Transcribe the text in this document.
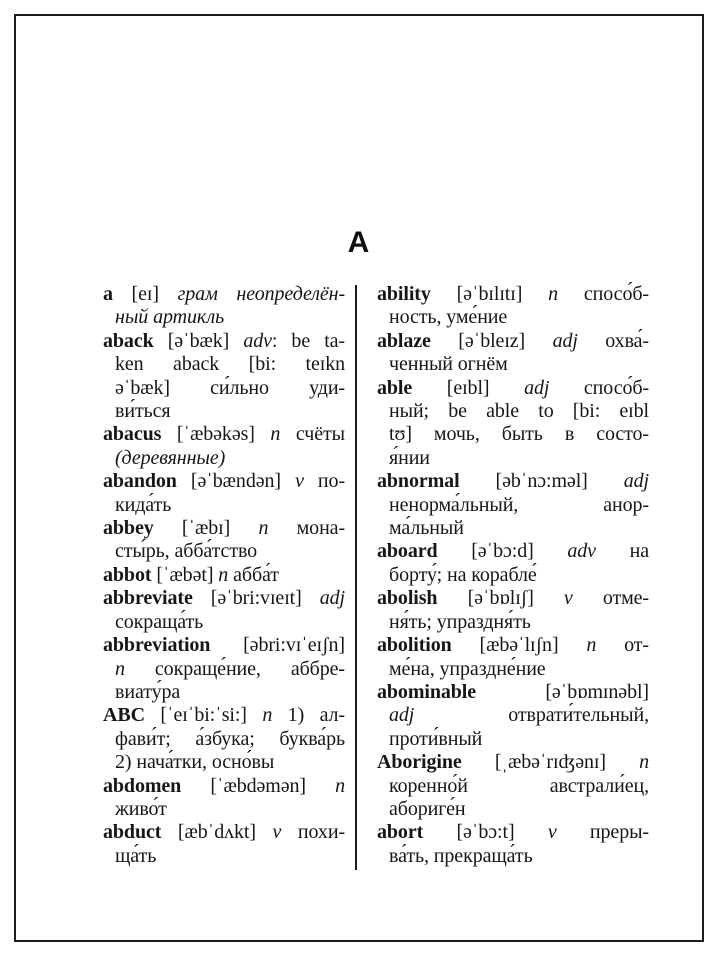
A
a [eɪ] грам неопределён-
ный артикль
aback [əˈbæk] adv: be ta-
ken aback [bi: teɪkn
əˈbæk] си́льно уди-
ви́ться
abacus [ˈæbəkəs] n счёты
(деревянные)
abandon [əˈbændən] v по-
кида́ть
abbey [ˈæbɪ] n мона-
сты́рь, абба́тство
abbot [ˈæbət] n абба́т
abbreviate [əˈbri:vɪeɪt] adj
сокраща́ть
abbreviation [əbri:vɪˈeɪʃn]
n сокраще́ние, аббре-
виату́ра
ABC [ˈeɪˈbi:ˈsi:] n 1) ал-
фави́т; а́збука; буква́рь
2) нача́тки, осно́вы
abdomen [ˈæbdəmən] n
живо́т
abduct [æbˈdʌkt] v похи-
ща́ть
ability [əˈbɪlɪtɪ] n спосо́б-
ность, уме́ние
ablaze [əˈbleɪz] adj охва́-
ченный огнём
able [eɪbl] adj спосо́б-
ный; be able to [bi: eɪbl
tʊ] мочь, быть в состо-
я́нии
abnormal [əbˈnɔ:məl] adj
ненорма́льный, анор-
ма́льный
aboard [əˈbɔ:d] adv на
борту́; на корабле́
abolish [əˈbɒlɪʃ] v отме-
ня́ть; упраздня́ть
abolition [æbəˈlɪʃn] n от-
ме́на, упраздне́ние
abominable [əˈbɒmɪnəbl]
adj отврати́тельный,
проти́вный
Aborigine [ˌæbəˈrɪʤənɪ] n
коренно́й австрали́ец,
абориге́н
abort [əˈbɔ:t] v преры-
ва́ть, прекраща́ть
